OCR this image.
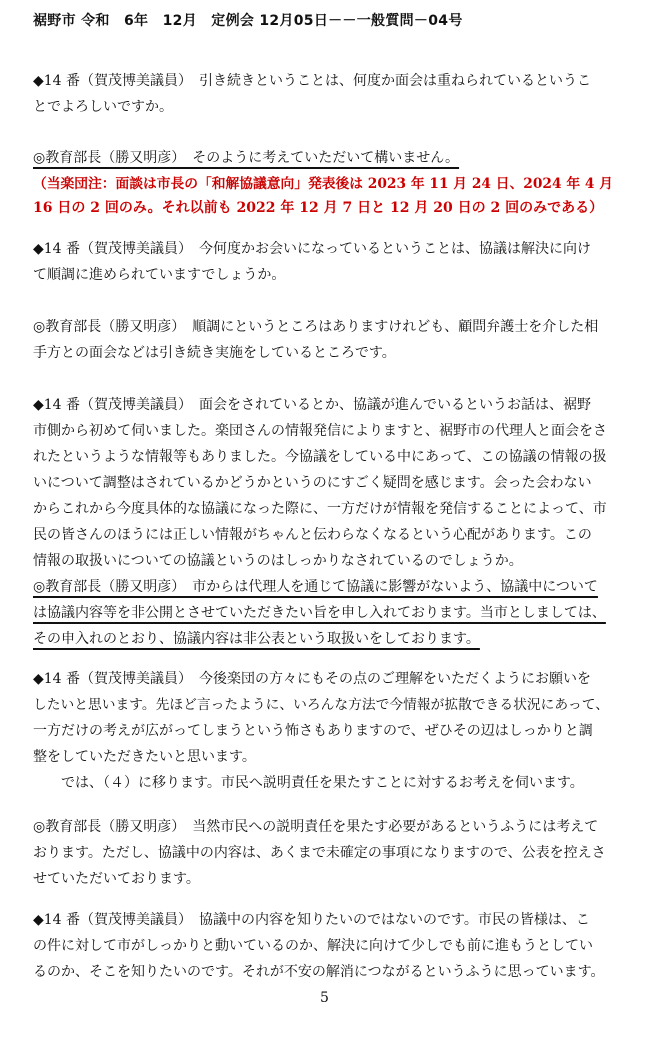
裾野市 令和　6年　12月　定例会 12月05日－－一般質問－04号
◆14 番（賀茂博美議員）　引き続きということは、何度か面会は重ねられているというこ
とでよろしいですか。
◎教育部長（勝又明彦）　そのように考えていただいて構いません。
（当楽団注：面談は市長の「和解協議意向」発表後は 2023 年 11 月 24 日、2024 年 4 月
16 日の 2 回のみ。それ以前も 2022 年 12 月 7 日と 12 月 20 日の 2 回のみである）
◆14 番（賀茂博美議員）　今何度かお会いになっているということは、協議は解決に向け
て順調に進められていますでしょうか。
◎教育部長（勝又明彦）　順調にというところはありますけれども、顧問弁護士を介した相
手方との面会などは引き続き実施をしているところです。
◆14 番（賀茂博美議員）　面会をされているとか、協議が進んでいるというお話は、裾野
市側から初めて伺いました。楽団さんの情報発信によりますと、裾野市の代理人と面会をさ
れたというような情報等もありました。今協議をしている中にあって、この協議の情報の扱
いについて調整はされているかどうかというのにすごく疑問を感じます。会った会わない
からこれから今度具体的な協議になった際に、一方だけが情報を発信することによって、市
民の皆さんのほうには正しい情報がちゃんと伝わらなくなるという心配があります。この
情報の取扱いについての協議というのはしっかりなされているのでしょうか。
◎教育部長（勝又明彦）　市からは代理人を通じて協議に影響がないよう、協議中について
は協議内容等を非公開とさせていただきたい旨を申し入れております。当市としましては、
その申入れのとおり、協議内容は非公表という取扱いをしております。
◆14 番（賀茂博美議員）　今後楽団の方々にもその点のご理解をいただくようにお願いを
したいと思います。先ほど言ったように、いろんな方法で今情報が拡散できる状況にあって、
一方だけの考えが広がってしまうという怖さもありますので、ぜひその辺はしっかりと調
整をしていただきたいと思います。
　　では、（４）に移ります。市民へ説明責任を果たすことに対するお考えを伺います。
◎教育部長（勝又明彦）　当然市民への説明責任を果たす必要があるというふうには考えて
おります。ただし、協議中の内容は、あくまで未確定の事項になりますので、公表を控えさ
せていただいております。
◆14 番（賀茂博美議員）　協議中の内容を知りたいのではないのです。市民の皆様は、こ
の件に対して市がしっかりと動いているのか、解決に向けて少しでも前に進もうとしてい
るのか、そこを知りたいのです。それが不安の解消につながるというふうに思っています。
5
